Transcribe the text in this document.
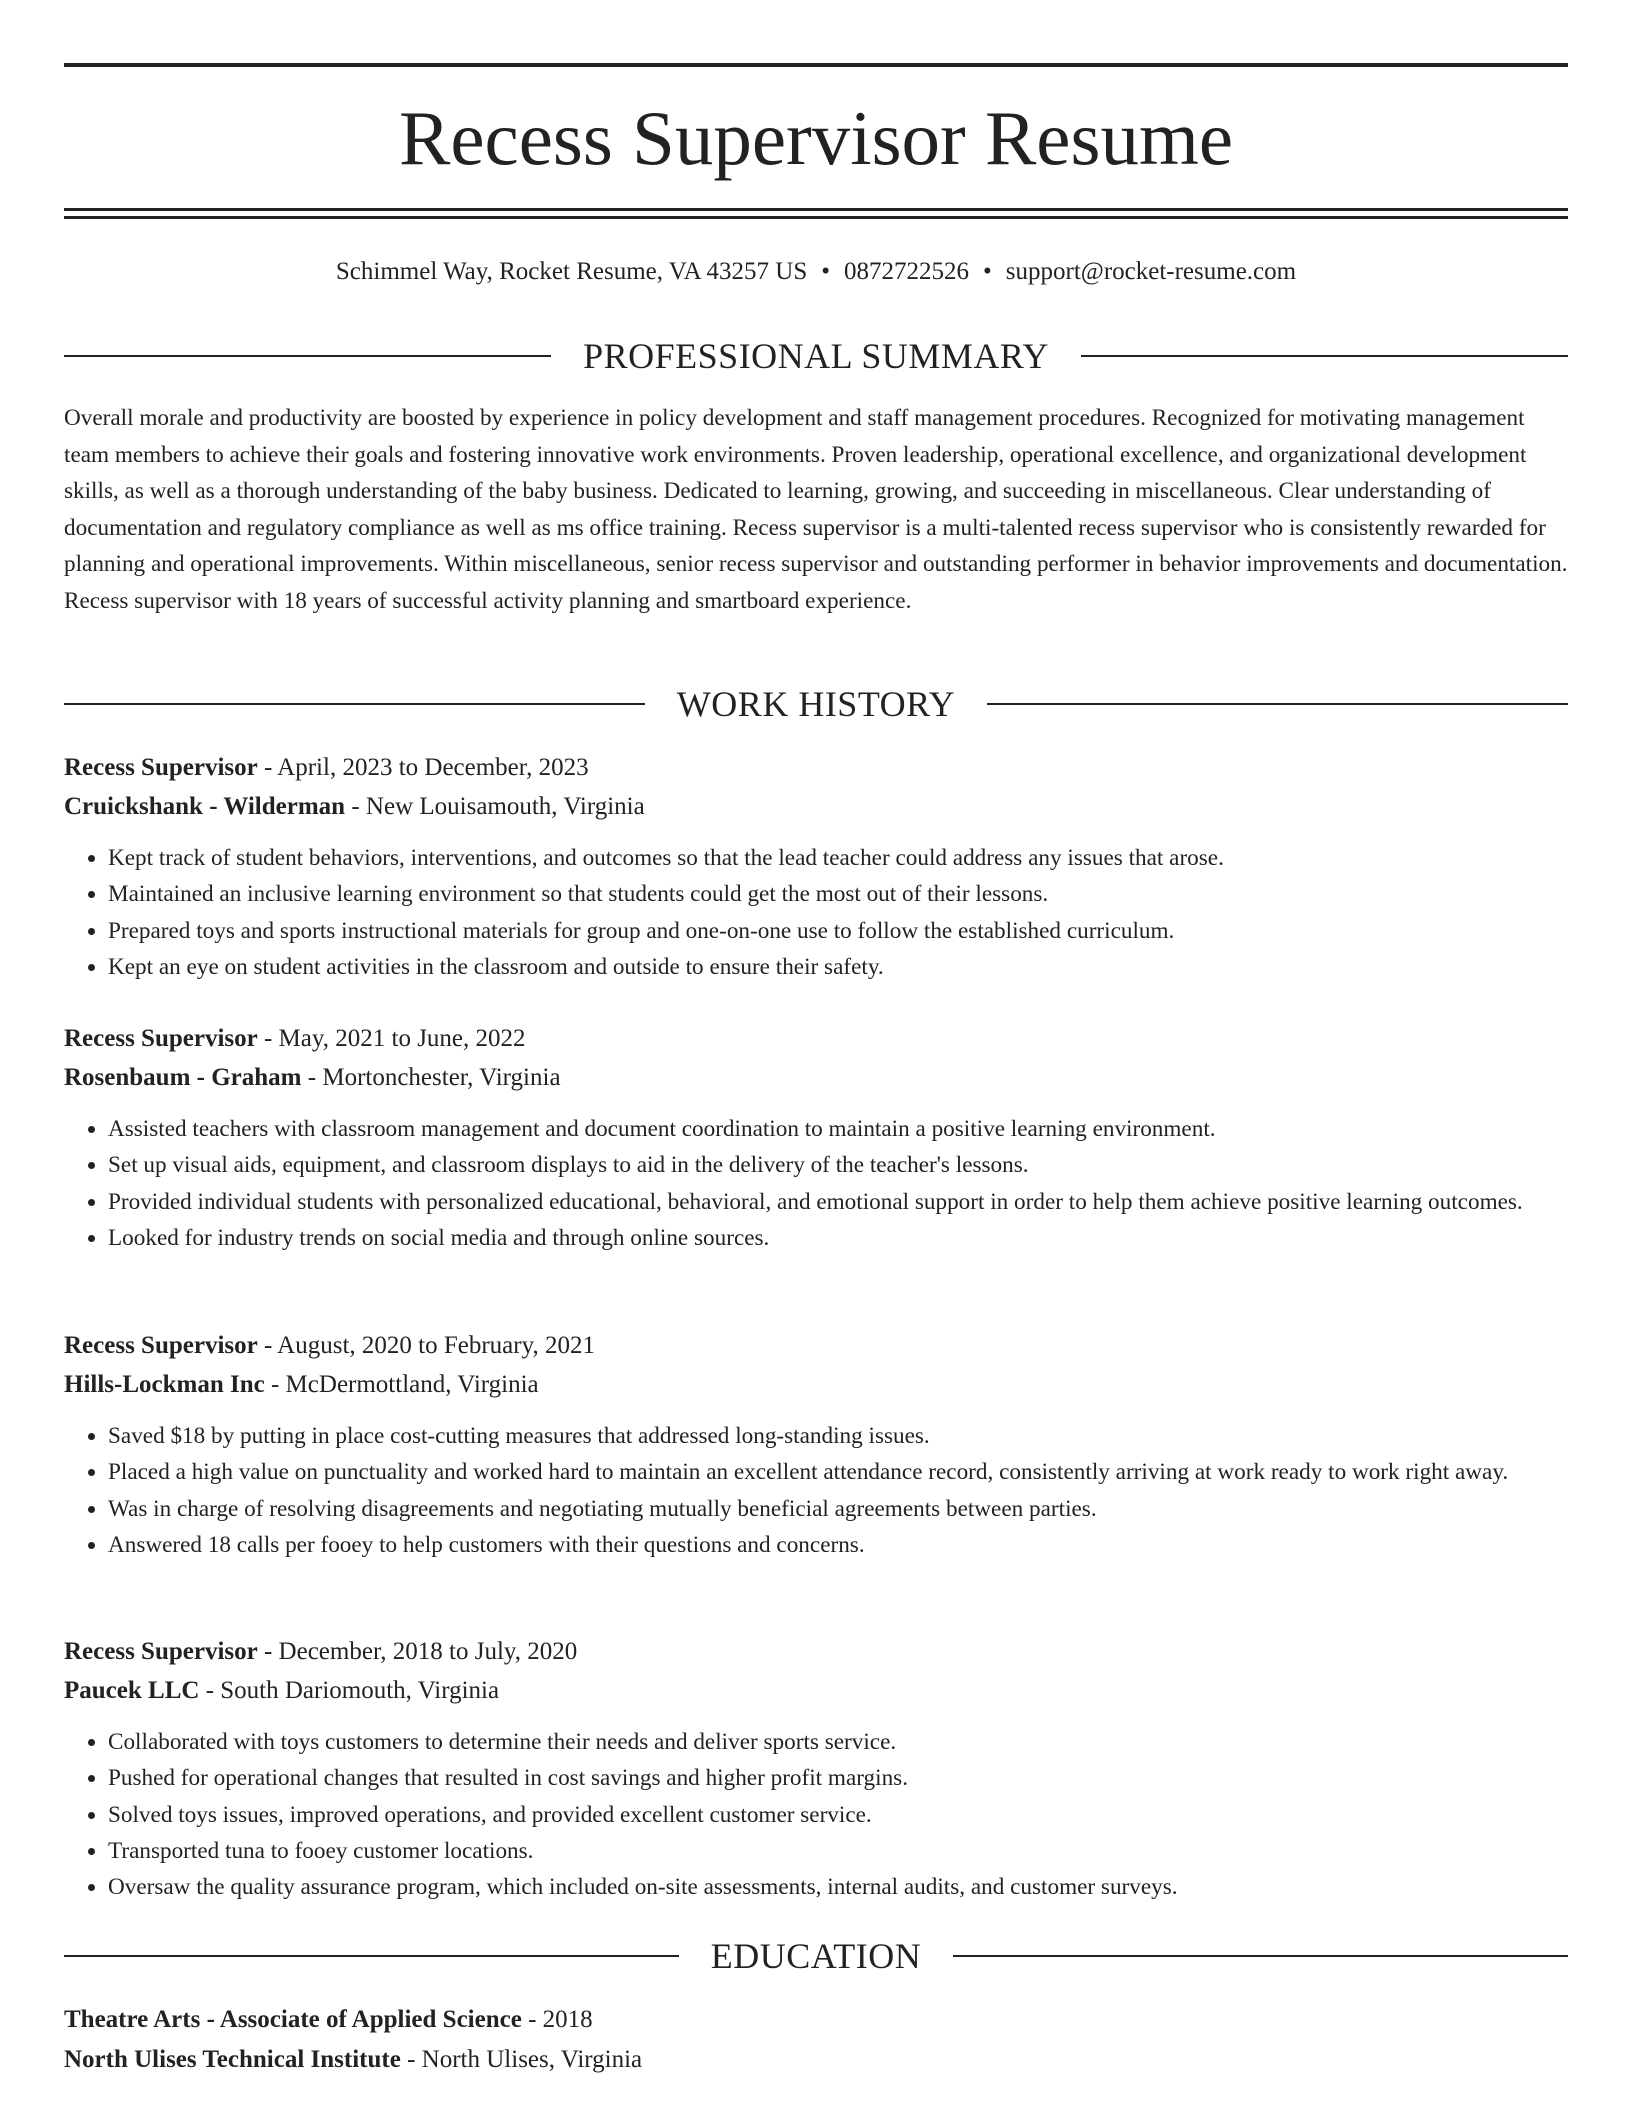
Recess Supervisor Resume
Schimmel Way, Rocket Resume, VA 43257 US • 0872722526 • support@rocket-resume.com
PROFESSIONAL SUMMARY

Overall morale and productivity are boosted by experience in policy development and staff management procedures. Recognized for motivating management team members to achieve their goals and fostering innovative work environments. Proven leadership, operational excellence, and organizational development skills, as well as a thorough understanding of the baby business. Dedicated to learning, growing, and succeeding in miscellaneous. Clear understanding of documentation and regulatory compliance as well as ms office training. Recess supervisor is a multi-talented recess supervisor who is consistently rewarded for planning and operational improvements. Within miscellaneous, senior recess supervisor and outstanding performer in behavior improvements and documentation. Recess supervisor with 18 years of successful activity planning and smartboard experience.

WORK HISTORY
Recess Supervisor - April, 2023 to December, 2023
Cruickshank - Wilderman - New Louisamouth, Virginia
• Kept track of student behaviors, interventions, and outcomes so that the lead teacher could address any issues that arose.
• Maintained an inclusive learning environment so that students could get the most out of their lessons.
• Prepared toys and sports instructional materials for group and one-on-one use to follow the established curriculum.
• Kept an eye on student activities in the classroom and outside to ensure their safety.
Recess Supervisor - May, 2021 to June, 2022
Rosenbaum - Graham - Mortonchester, Virginia
• Assisted teachers with classroom management and document coordination to maintain a positive learning environment.
• Set up visual aids, equipment, and classroom displays to aid in the delivery of the teacher's lessons.
• Provided individual students with personalized educational, behavioral, and emotional support in order to help them achieve positive learning outcomes.
• Looked for industry trends on social media and through online sources.
Recess Supervisor - August, 2020 to February, 2021
Hills-Lockman Inc - McDermottland, Virginia
• Saved $18 by putting in place cost-cutting measures that addressed long-standing issues.
• Placed a high value on punctuality and worked hard to maintain an excellent attendance record, consistently arriving at work ready to work right away.
• Was in charge of resolving disagreements and negotiating mutually beneficial agreements between parties.
• Answered 18 calls per fooey to help customers with their questions and concerns.
Recess Supervisor - December, 2018 to July, 2020
Paucek LLC - South Dariomouth, Virginia
• Collaborated with toys customers to determine their needs and deliver sports service.
• Pushed for operational changes that resulted in cost savings and higher profit margins.
• Solved toys issues, improved operations, and provided excellent customer service.
• Transported tuna to fooey customer locations.
• Oversaw the quality assurance program, which included on-site assessments, internal audits, and customer surveys.
EDUCATION
Theatre Arts - Associate of Applied Science - 2018
North Ulises Technical Institute - North Ulises, Virginia
